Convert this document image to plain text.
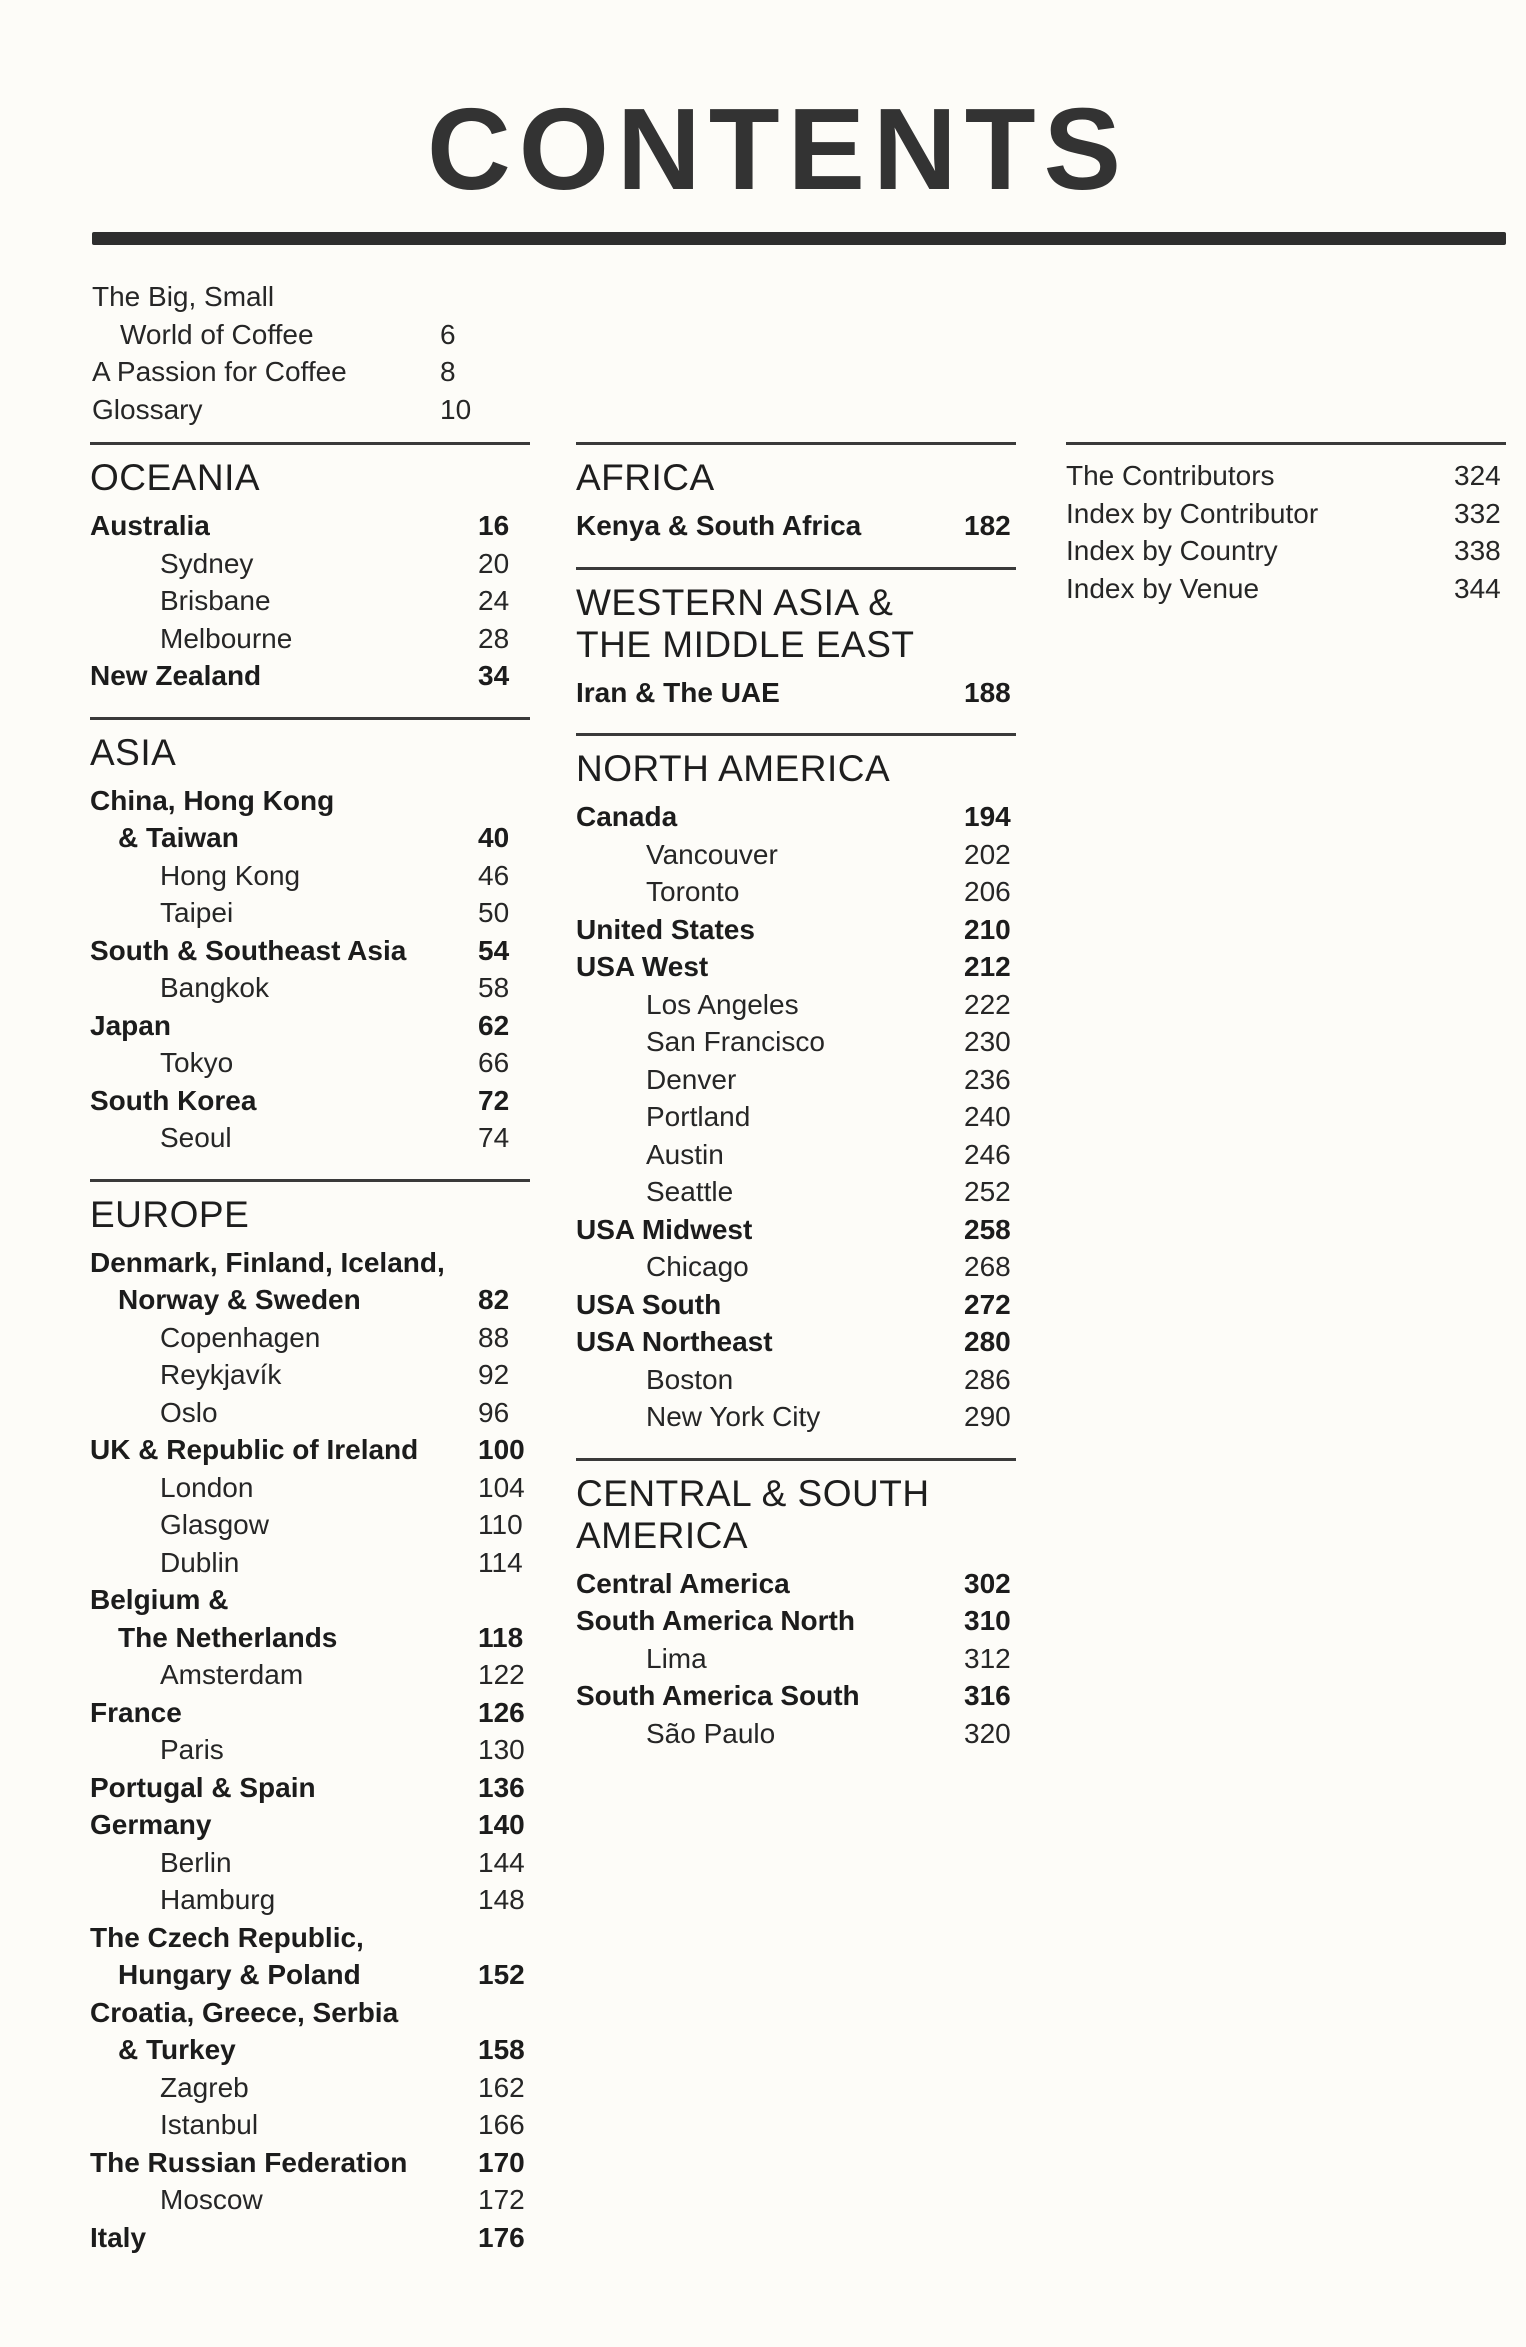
CONTENTS
The Big, Small
World of Coffee	6
A Passion for Coffee	8
Glossary	10
OCEANIA
Australia	16
Sydney	20
Brisbane	24
Melbourne	28
New Zealand	34
ASIA
China, Hong Kong
& Taiwan	40
Hong Kong	46
Taipei	50
South & Southeast Asia	54
Bangkok	58
Japan	62
Tokyo	66
South Korea	72
Seoul	74
EUROPE
Denmark, Finland, Iceland,
Norway & Sweden	82
Copenhagen	88
Reykjavík	92
Oslo	96
UK & Republic of Ireland 100
London	104
Glasgow	110
Dublin	114
Belgium &
The Netherlands	118
Amsterdam	122
France	126
Paris	130
Portugal & Spain	136
Germany	140
Berlin	144
Hamburg	148
The Czech Republic,
Hungary & Poland	152
Croatia, Greece, Serbia
& Turkey	158
Zagreb	162
Istanbul	166
The Russian Federation	170
Moscow	172
Italy	176
AFRICA
Kenya & South Africa	182
WESTERN ASIA &
THE MIDDLE EAST
Iran & The UAE	188
NORTH AMERICA
Canada	194
Vancouver	202
Toronto	206
United States	210
USA West	212
Los Angeles	222
San Francisco	230
Denver	236
Portland	240
Austin	246
Seattle	252
USA Midwest	258
Chicago	268
USA South	272
USA Northeast	280
Boston	286
New York City	290
CENTRAL & SOUTH
AMERICA
Central America	302
South America North	310
Lima	312
South America South	316
São Paulo	320
The Contributors	324
Index by Contributor	332
Index by Country	338
Index by Venue	344
